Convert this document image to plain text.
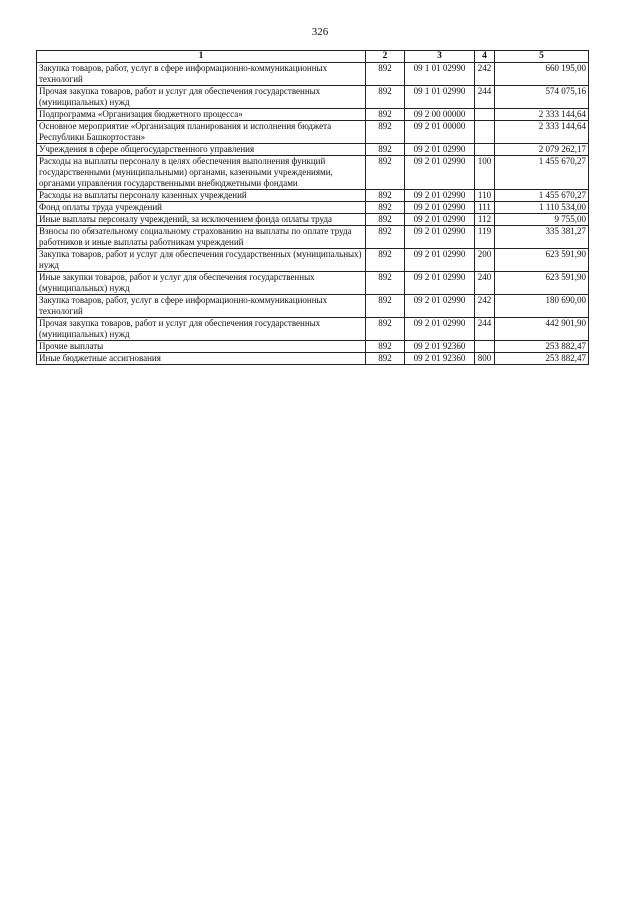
326
1	2	3	4	5
Закупка товаров, работ, услуг в сфере информационно-коммуникационных технологий	892	09 1 01 02990	242	660 195,00
Прочая закупка товаров, работ и услуг для обеспечения государственных (муниципальных) нужд	892	09 1 01 02990	244	574 075,16
Подпрограмма «Организация бюджетного процесса»	892	09 2 00 00000		2 333 144,64
Основное мероприятие «Организация планирования и исполнения бюджета Республики Башкортостан»	892	09 2 01 00000		2 333 144,64
Учреждения в сфере общегосударственного управления	892	09 2 01 02990		2 079 262,17
Расходы на выплаты персоналу в целях обеспечения выполнения функций государственными (муниципальными) органами, казенными учреждениями, органами управления государственными внебюджетными фондами	892	09 2 01 02990	100	1 455 670,27
Расходы на выплаты персоналу казенных учреждений	892	09 2 01 02990	110	1 455 670,27
Фонд оплаты труда учреждений	892	09 2 01 02990	111	1 110 534,00
Иные выплаты персоналу учреждений, за исключением фонда оплаты труда	892	09 2 01 02990	112	9 755,00
Взносы по обязательному социальному страхованию на выплаты по оплате труда работников и иные выплаты работникам учреждений	892	09 2 01 02990	119	335 381,27
Закупка товаров, работ и услуг для обеспечения государственных (муниципальных) нужд	892	09 2 01 02990	200	623 591,90
Иные закупки товаров, работ и услуг для обеспечения государственных (муниципальных) нужд	892	09 2 01 02990	240	623 591,90
Закупка товаров, работ, услуг в сфере информационно-коммуникационных технологий	892	09 2 01 02990	242	180 690,00
Прочая закупка товаров, работ и услуг для обеспечения государственных (муниципальных) нужд	892	09 2 01 02990	244	442 901,90
Прочие выплаты	892	09 2 01 92360		253 882,47
Иные бюджетные ассигнования	892	09 2 01 92360	800	253 882,47
